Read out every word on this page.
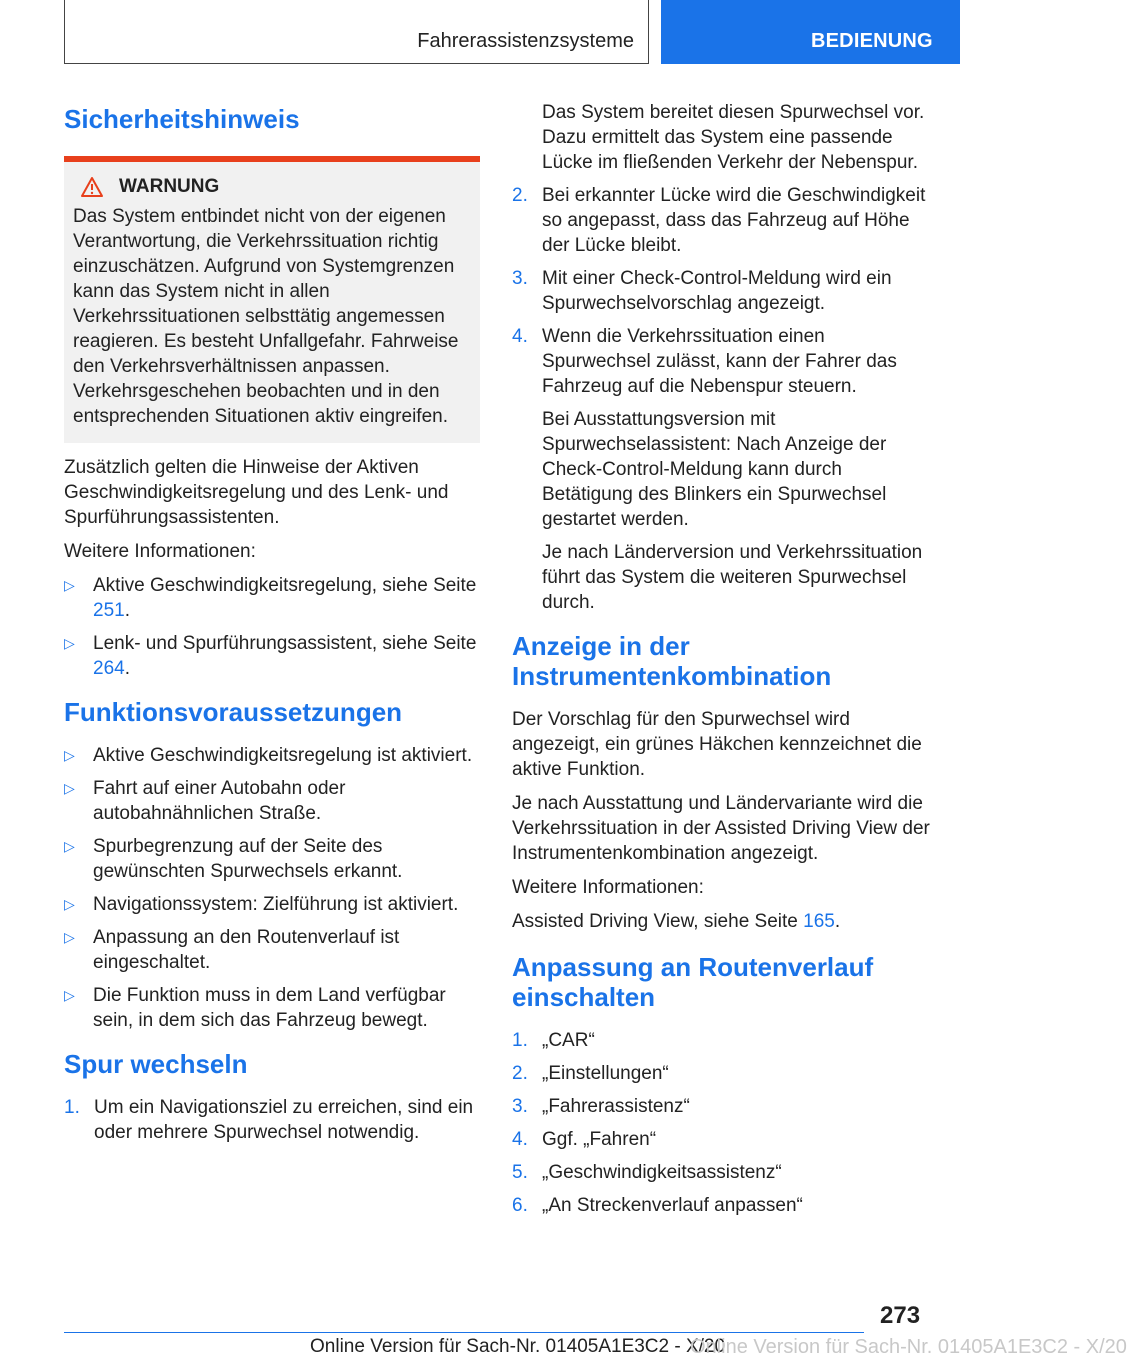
Fahrerassistenzsysteme	BEDIENUNG
Sicherheitshinweis
WARNUNG

Das System entbindet nicht von der eigenen Verantwortung, die Verkehrssituation richtig einzuschätzen. Aufgrund von Systemgrenzen kann das System nicht in allen Verkehrssituationen selbsttätig angemessen reagieren. Es besteht Unfallgefahr. Fahrweise den Verkehrsverhältnissen anpassen. Verkehrsgeschehen beobachten und in den entsprechenden Situationen aktiv eingreifen.

Zusätzlich gelten die Hinweise der Aktiven Geschwindigkeitsregelung und des Lenk- und Spurführungsassistenten.

Weitere Informationen:

▷ Aktive Geschwindigkeitsregelung, siehe Seite 251.
▷ Lenk- und Spurführungsassistent, siehe Seite 264.
Funktionsvoraussetzungen
▷ Aktive Geschwindigkeitsregelung ist aktiviert.
▷ Fahrt auf einer Autobahn oder autobahnähnlichen Straße.
▷ Spurbegrenzung auf der Seite des gewünschten Spurwechsels erkannt.
▷ Navigationssystem: Zielführung ist aktiviert.
▷ Anpassung an den Routenverlauf ist eingeschaltet.
▷ Die Funktion muss in dem Land verfügbar sein, in dem sich das Fahrzeug bewegt.
Spur wechseln
1. Um ein Navigationsziel zu erreichen, sind ein oder mehrere Spurwechsel notwendig.
Das System bereitet diesen Spurwechsel vor. Dazu ermittelt das System eine passende Lücke im fließenden Verkehr der Nebenspur.
2. Bei erkannter Lücke wird die Geschwindigkeit so angepasst, dass das Fahrzeug auf Höhe der Lücke bleibt.
3. Mit einer Check-Control-Meldung wird ein Spurwechselvorschlag angezeigt.
4. Wenn die Verkehrssituation einen Spurwechsel zulässt, kann der Fahrer das Fahrzeug auf die Nebenspur steuern.

Bei Ausstattungsversion mit Spurwechselassistent: Nach Anzeige der Check-Control-Meldung kann durch Betätigung des Blinkers ein Spurwechsel gestartet werden.

Je nach Länderversion und Verkehrssituation führt das System die weiteren Spurwechsel durch.

Anzeige in der Instrumentenkombination

Der Vorschlag für den Spurwechsel wird angezeigt, ein grünes Häkchen kennzeichnet die aktive Funktion.

Je nach Ausstattung und Ländervariante wird die Verkehrssituation in der Assisted Driving View der Instrumentenkombination angezeigt.

Weitere Informationen:

Assisted Driving View, siehe Seite 165.

Anpassung an Routenverlauf einschalten
1. „CAR“
2. „Einstellungen“
3. „Fahrerassistenz“
4. Ggf. „Fahren“
5. „Geschwindigkeitsassistenz“
6. „An Streckenverlauf anpassen“
273
Online Version für Sach-Nr. 01405A1E3C2 - X/20
Online Version für Sach-Nr. 01405A1E3C2 - X/20
